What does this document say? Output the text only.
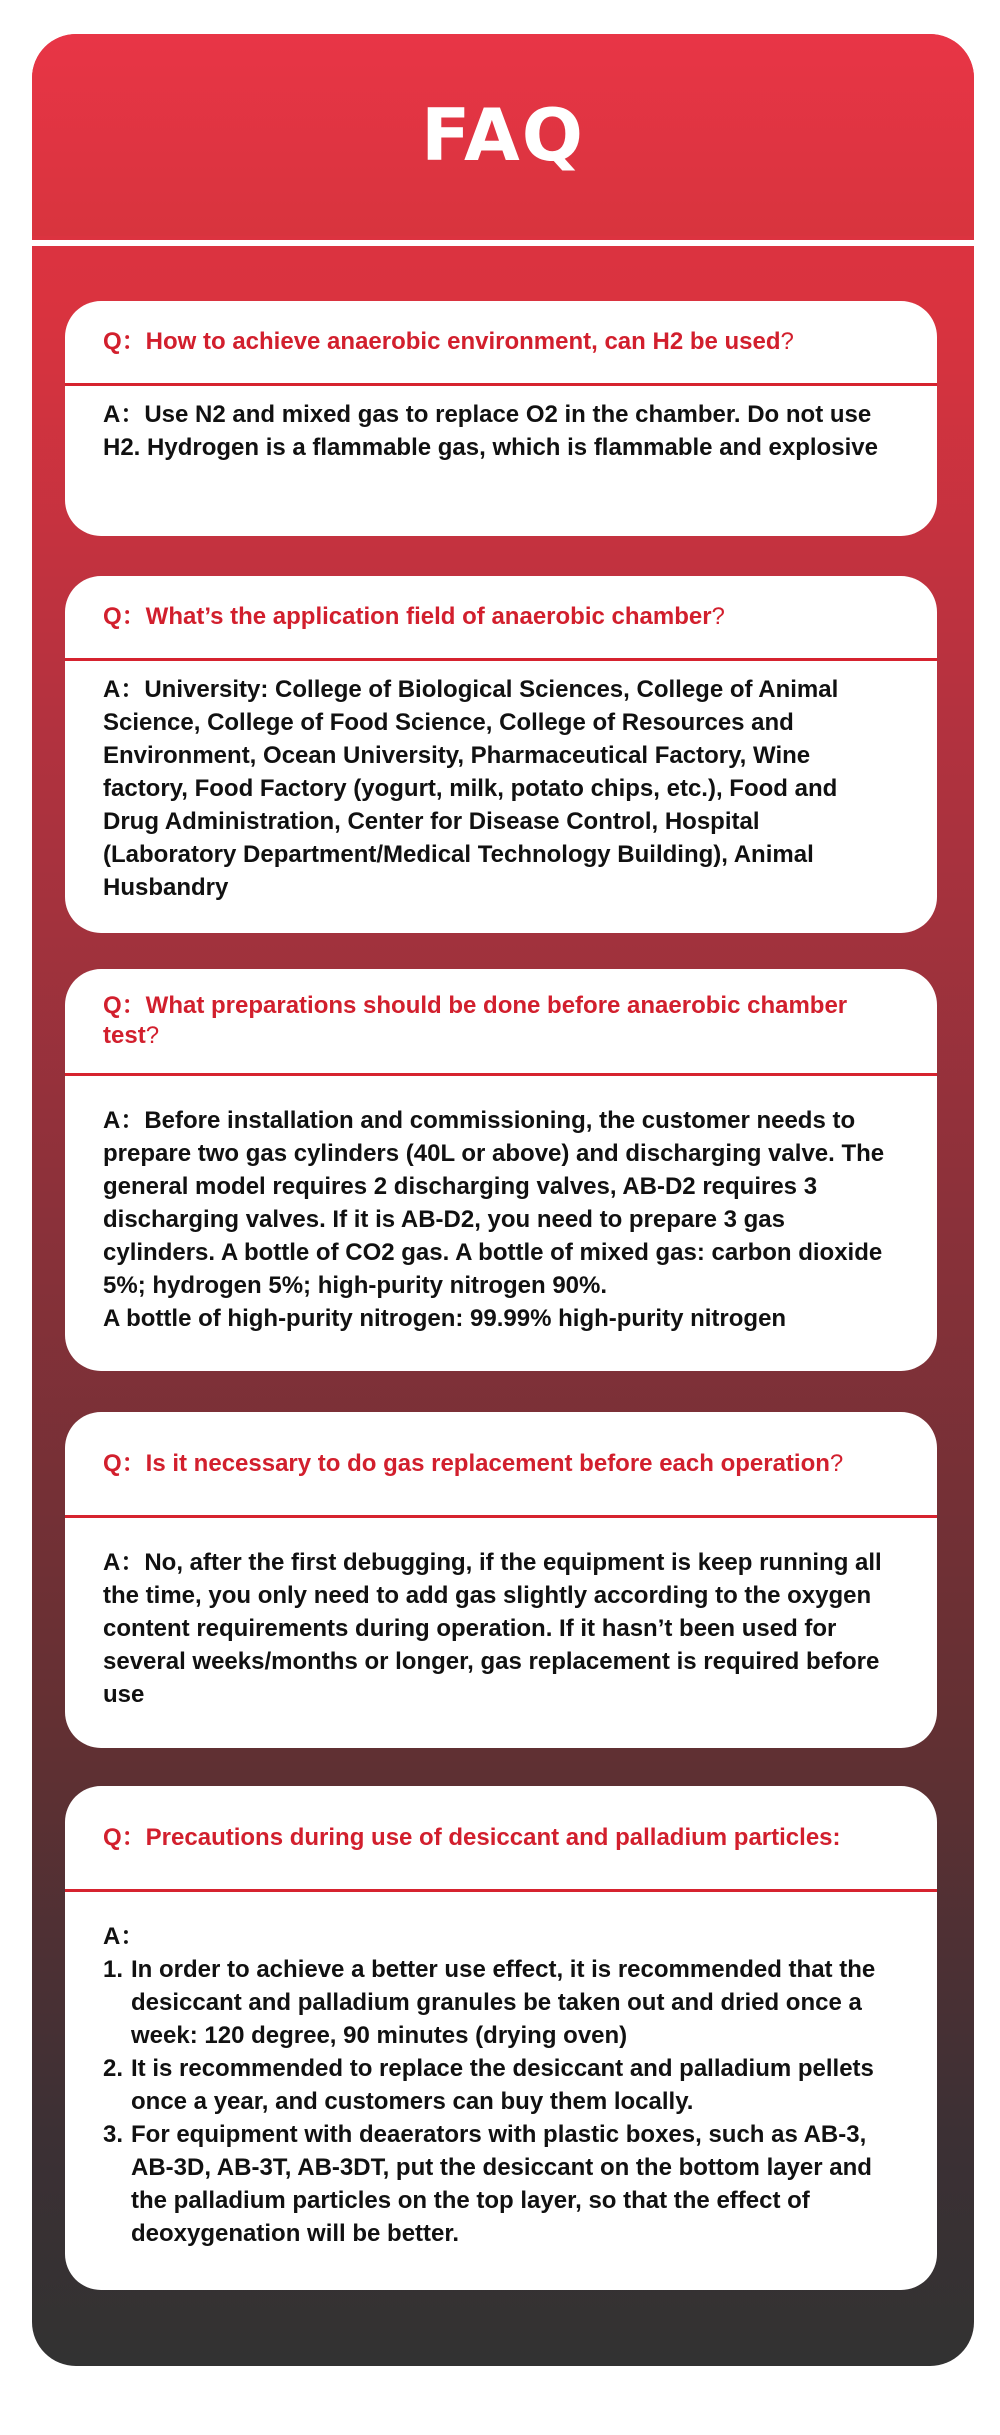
FAQ
Q： How to achieve anaerobic environment, can H2 be used ?
A：Use N2 and mixed gas to replace O2 in the chamber. Do not use H2. Hydrogen is a flammable gas, which is flammable and explosive
Q： What’s the application field of anaerobic chamber ?
A：University: College of Biological Sciences, College of Animal Science, College of Food Science, College of Resources and Environment, Ocean University, Pharmaceutical Factory, Wine factory, Food Factory (yogurt, milk, potato chips, etc.), Food and Drug Administration, Center for Disease Control, Hospital (Laboratory Department/Medical Technology Building), Animal Husbandry
Q：What preparations should be done before anaerobic chamber test?
A：Before installation and commissioning, the customer needs to prepare two gas cylinders (40L or above) and discharging valve. The general model requires 2 discharging valves, AB-D2 requires 3 discharging valves. If it is AB-D2, you need to prepare 3 gas cylinders. A bottle of CO2 gas. A bottle of mixed gas: carbon dioxide 5%; hydrogen 5%; high-purity nitrogen 90%.
A bottle of high-purity nitrogen: 99.99% high-purity nitrogen
Q： Is it necessary to do gas replacement before each operation ?
A：No, after the first debugging, if the equipment is keep running all the time, you only need to add gas slightly according to the oxygen content requirements during operation. If it hasn’t been used for several weeks/months or longer, gas replacement is required before use
Q： Precautions during use of desiccant and palladium particles:
A：
1. In order to achieve a better use effect, it is recommended that the desiccant and palladium granules be taken out and dried once a week: 120 degree, 90 minutes (drying oven)
2. It is recommended to replace the desiccant and palladium pellets once a year, and customers can buy them locally.
3. For equipment with deaerators with plastic boxes, such as AB-3, AB-3D, AB-3T, AB-3DT, put the desiccant on the bottom layer and the palladium particles on the top layer, so that the effect of deoxygenation will be better.
